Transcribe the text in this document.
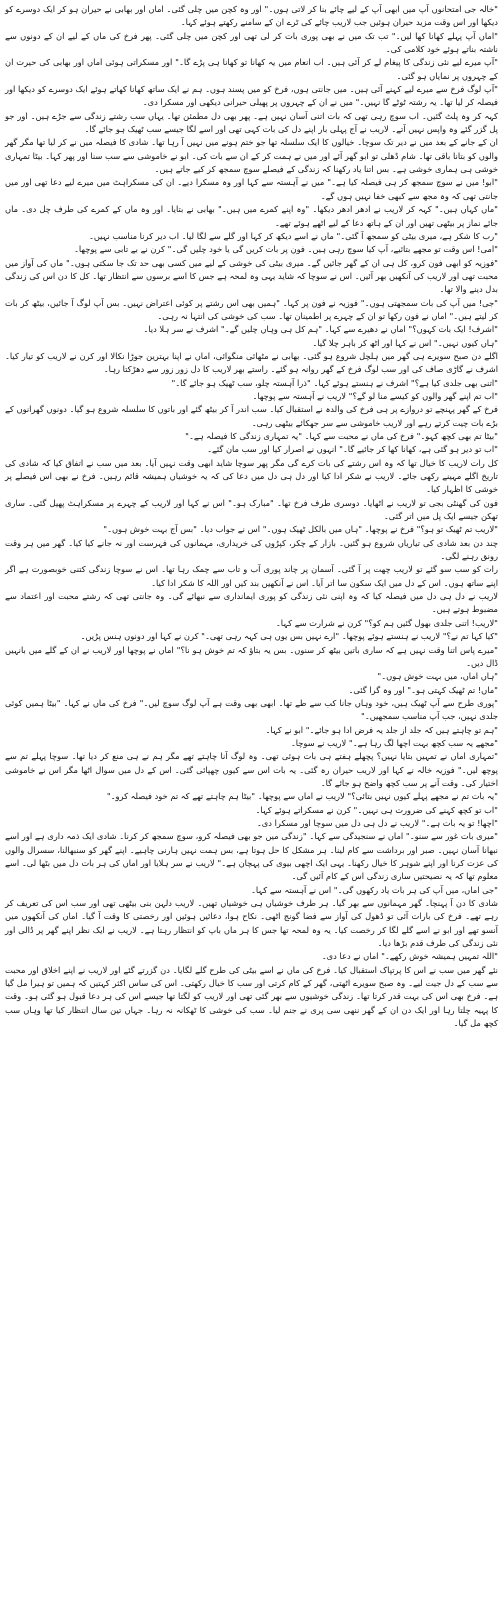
"خالہ جی امتحانوں آپ میں ابھی آپ کے لیے چائے بنا کر لاتی ہوں۔" اور وہ کچن میں چلی گئی۔ اماں اور بھابی نے حیران ہو کر ایک دوسرے کو دیکھا اور اس وقت مزید حیران ہوئیں جب لاریب چائے کی ٹرے ان کے سامنے رکھتے ہوئے کہا۔

"اماں آپ پہلے کھانا کھا لیں۔" تب تک میں نے بھی پوری بات کر لی تھی اور کچن میں چلی گئی۔ پھر فرخ کی ماں کے لیے ان کے دونوں سے ناشتہ بناتے ہوئے خود کلامی کی۔

"آپ میرے لیے نئی زندگی کا پیغام لے کر آئی ہیں۔ اب انعام میں یہ کھانا تو کھانا ہی پڑے گا۔" اور مسکراتی ہوئی اماں اور بھابی کی حیرت ان کے چہروں پر نمایاں ہو گئی۔

"آپ لوگ فرخ سے میرے لیے کہنے آئی ہیں۔ میں جانتی ہوں، فرخ کو میں پسند ہوں۔ ہم نے ایک ساتھ کھانا کھاتے ہوئے ایک دوسرے کو دیکھا اور فیصلہ کر لیا تھا۔ یہ رشتہ ٹوٹے گا نہیں۔" میں نے ان کے چہروں پر پھیلی حیرانی دیکھی اور مسکرا دی۔

کہہ کر وہ پلٹ گئیں۔ اب سوچ رہی تھی کہ بات اتنی آسان نہیں ہے۔ پھر بھی دل مطمئن تھا۔ یہاں سب رشتے زندگی سے جڑے ہیں۔ اور جو پل گزر گئے وہ واپس نہیں آتے۔ لاریب نے آج پہلی بار اپنے دل کی بات کہی تھی اور اسے لگا جیسے سب ٹھیک ہو جائے گا۔

ان کے جانے کے بعد میں نے دیر تک سوچا۔ خیالوں کا ایک سلسلہ تھا جو ختم ہونے میں نہیں آ رہا تھا۔ شادی کا فیصلہ میں نے کر لیا تھا مگر گھر والوں کو بتانا باقی تھا۔ شام ڈھلی تو ابو گھر آئے اور میں نے ہمت کر کے ان سے بات کی۔ ابو نے خاموشی سے سب سنا اور پھر کہا۔ بیٹا تمہاری خوشی ہی ہماری خوشی ہے۔ بس اتنا یاد رکھنا کہ زندگی کے فیصلے سوچ سمجھ کر کیے جاتے ہیں۔

"ابو! میں نے سوچ سمجھ کر ہی فیصلہ کیا ہے۔" میں نے آہستہ سے کہا اور وہ مسکرا دیے۔ ان کی مسکراہٹ میں میرے لیے دعا تھی اور میں جانتی تھی کہ وہ مجھ سے کبھی خفا نہیں ہوں گے۔

"ماں کہاں ہیں۔" کہہ کر لاریب نے ادھر ادھر دیکھا۔ "وہ اپنے کمرے میں ہیں۔" بھابی نے بتایا۔ اور وہ ماں کے کمرے کی طرف چل دی۔ ماں جائے نماز پر بیٹھی تھیں اور ان کے ہاتھ دعا کے لیے اٹھے ہوئے تھے۔

"رب کا شکر ہے، میری بیٹی کو سمجھ آ گئی۔" ماں نے اسے دیکھ کر کہا اور گلے سے لگا لیا۔ اب دیر کرنا مناسب نہیں۔

"امی! اس وقت تو مجھے بتائیے، آپ کیا سوچ رہی ہیں۔ فون پر بات کریں گی یا خود چلیں گی۔" کرن نے بے تابی سے پوچھا۔

"فوزیہ کو ابھی فون کرو، کل ہی ان کے گھر جائیں گے۔ میری بیٹی کی خوشی کے لیے میں کسی بھی حد تک جا سکتی ہوں۔" ماں کی آواز میں محبت تھی اور لاریب کی آنکھیں بھر آئیں۔ اس نے سوچا کہ شاید یہی وہ لمحہ ہے جس کا اسے برسوں سے انتظار تھا۔ کل کا دن اس کی زندگی بدل دینے والا تھا۔

"جی! میں آپ کی بات سمجھتی ہوں۔" فوزیہ نے فون پر کہا۔ "ہمیں بھی اس رشتے پر کوئی اعتراض نہیں۔ بس آپ لوگ آ جائیں، بیٹھ کر بات کر لیتے ہیں۔" اماں نے فون رکھا تو ان کے چہرے پر اطمینان تھا۔ سب کی خوشی کی انتہا نہ رہی۔

"اشرف! ایک بات کہوں؟" اماں نے دھیرے سے کہا۔ "ہم کل ہی وہاں چلیں گے۔" اشرف نے سر ہلا دیا۔

"ہاں کیوں نہیں۔" اس نے کہا اور اٹھ کر باہر چلا گیا۔

اگلے دن صبح سویرے ہی گھر میں ہلچل شروع ہو گئی۔ بھابی نے مٹھائی منگوائی، اماں نے اپنا بہترین جوڑا نکالا اور کرن نے لاریب کو تیار کیا۔ اشرف نے گاڑی صاف کی اور سب لوگ فرخ کے گھر روانہ ہو گئے۔ راستے بھر لاریب کا دل زور زور سے دھڑکتا رہا۔

"اتنی بھی جلدی کیا ہے؟" اشرف نے ہنستے ہوئے کہا۔ "ذرا آہستہ چلو، سب ٹھیک ہو جائے گا۔"

"اب تم اپنے گھر والوں کو کیسے منا لو گے؟" لاریب نے آہستہ سے پوچھا۔

فرخ کے گھر پہنچے تو دروازے پر ہی فرخ کی والدہ نے استقبال کیا۔ سب اندر آ کر بیٹھ گئے اور باتوں کا سلسلہ شروع ہو گیا۔ دونوں گھرانوں کے بڑے بات چیت کرتے رہے اور لاریب خاموشی سے سر جھکائے بیٹھی رہی۔

"بیٹا تم بھی کچھ کہو۔" فرخ کی ماں نے محبت سے کہا۔ "یہ تمہاری زندگی کا فیصلہ ہے۔"

"اب تو دیر ہو گئی ہے، کھانا کھا کر جائیے گا۔" انہوں نے اصرار کیا اور سب مان گئے۔

کل رات لاریب کا خیال تھا کہ وہ اس رشتے کی بات کرے گی مگر پھر سوچا شاید ابھی وقت نہیں آیا۔ بعد میں سب نے اتفاق کیا کہ شادی کی تاریخ اگلے مہینے رکھی جائے۔ لاریب نے شکر ادا کیا اور دل ہی دل میں دعا کی کہ یہ خوشیاں ہمیشہ قائم رہیں۔ فرخ نے بھی اس فیصلے پر خوشی کا اظہار کیا۔

فون کی گھنٹی بجی تو لاریب نے اٹھایا۔ دوسری طرف فرخ تھا۔ "مبارک ہو۔" اس نے کہا اور لاریب کے چہرے پر مسکراہٹ پھیل گئی۔ ساری تھکن جیسے ایک پل میں اتر گئی۔

"لاریب تم ٹھیک تو ہو؟" فرخ نے پوچھا۔ "ہاں میں بالکل ٹھیک ہوں۔" اس نے جواب دیا۔ "بس آج بہت خوش ہوں۔"

چند دن بعد شادی کی تیاریاں شروع ہو گئیں۔ بازار کے چکر، کپڑوں کی خریداری، مہمانوں کی فہرست اور نہ جانے کیا کیا۔ گھر میں ہر وقت رونق رہنے لگی۔

رات کو سب سو گئے تو لاریب چھت پر آ گئی۔ آسمان پر چاند پوری آب و تاب سے چمک رہا تھا۔ اس نے سوچا زندگی کتنی خوبصورت ہے اگر اپنے ساتھ ہوں۔ اس کے دل میں ایک سکون سا اتر آیا۔ اس نے آنکھیں بند کیں اور اللہ کا شکر ادا کیا۔

لاریب نے دل ہی دل میں فیصلہ کیا کہ وہ اپنی نئی زندگی کو پوری ایمانداری سے نبھائے گی۔ وہ جانتی تھی کہ رشتے محبت اور اعتماد سے مضبوط ہوتے ہیں۔

"لاریب! اتنی جلدی بھول گئیں ہم کو؟" کرن نے شرارت سے کہا۔

"کیا کہا تم نے؟" لاریب نے ہنستے ہوئے پوچھا۔ "ارے نہیں بس یوں ہی کہہ رہی تھی۔" کرن نے کہا اور دونوں ہنس پڑیں۔

"میرے پاس اتنا وقت نہیں ہے کہ ساری باتیں بیٹھ کر سنوں۔ بس یہ بتاؤ کہ تم خوش ہو نا؟" اماں نے پوچھا اور لاریب نے ان کے گلے میں بانہیں ڈال دیں۔

"ہاں اماں، میں بہت خوش ہوں۔"

"ماں! تم ٹھیک کہتی ہو۔" اور وہ گرا گئی۔

"پوری طرح سے آپ ٹھیک ہیں، خود وہاں جانا کب سے طے تھا۔ ابھی بھی وقت ہے آپ لوگ سوچ لیں۔" فرخ کی ماں نے کہا۔ "بیٹا ہمیں کوئی جلدی نہیں، جب آپ مناسب سمجھیں۔"

"ہم تو چاہتے ہیں کہ جلد از جلد یہ فرض ادا ہو جائے۔" ابو نے کہا۔

"مجھے یہ سب کچھ بہت اچھا لگ رہا ہے۔" لاریب نے سوچا۔

"تمہاری اماں نے تمہیں بتایا نہیں؟ پچھلے ہفتے ہی بات ہوئی تھی۔ وہ لوگ آنا چاہتے تھے مگر ہم نے ہی منع کر دیا تھا۔ سوچا پہلے تم سے پوچھ لیں۔" فوزیہ خالہ نے کہا اور لاریب حیران رہ گئی۔ یہ بات اس سے کیوں چھپائی گئی۔ اس کے دل میں سوال اٹھا مگر اس نے خاموشی اختیار کی۔ وقت آنے پر سب کچھ واضح ہو جائے گا۔

"یہ بات تم نے مجھے پہلے کیوں نہیں بتائی؟" لاریب نے اماں سے پوچھا۔ "بیٹا ہم چاہتے تھے کہ تم خود فیصلہ کرو۔"

"اب تو کچھ کہنے کی ضرورت ہی نہیں۔" کرن نے مسکراتے ہوئے کہا۔

"اچھا! تو یہ بات ہے۔" لاریب نے دل ہی دل میں سوچا اور مسکرا دی۔

"میری بات غور سے سنو۔" اماں نے سنجیدگی سے کہا۔ "زندگی میں جو بھی فیصلہ کرو، سوچ سمجھ کر کرنا۔ شادی ایک ذمہ داری ہے اور اسے نبھانا آسان نہیں۔ صبر اور برداشت سے کام لینا۔ ہر مشکل کا حل ہوتا ہے، بس ہمت نہیں ہارنی چاہیے۔ اپنے گھر کو سنبھالنا، سسرال والوں کی عزت کرنا اور اپنے شوہر کا خیال رکھنا۔ یہی ایک اچھی بیوی کی پہچان ہے۔" لاریب نے سر ہلایا اور اماں کی ہر بات دل میں بٹھا لی۔ اسے معلوم تھا کہ یہ نصیحتیں ساری زندگی اس کے کام آئیں گی۔

"جی اماں، میں آپ کی ہر بات یاد رکھوں گی۔" اس نے آہستہ سے کہا۔

شادی کا دن آ پہنچا۔ گھر مہمانوں سے بھر گیا۔ ہر طرف خوشیاں ہی خوشیاں تھیں۔ لاریب دلہن بنی بیٹھی تھی اور سب اس کی تعریف کر رہے تھے۔ فرخ کی بارات آئی تو ڈھول کی آواز سے فضا گونج اٹھی۔ نکاح ہوا، دعائیں ہوئیں اور رخصتی کا وقت آ گیا۔ اماں کی آنکھوں میں آنسو تھے اور ابو نے اسے گلے لگا کر رخصت کیا۔ یہ وہ لمحہ تھا جس کا ہر ماں باپ کو انتظار رہتا ہے۔ لاریب نے ایک نظر اپنے گھر پر ڈالی اور نئی زندگی کی طرف قدم بڑھا دیا۔

"اللہ تمہیں ہمیشہ خوش رکھے۔" اماں نے دعا دی۔

نئے گھر میں سب نے اس کا پرتپاک استقبال کیا۔ فرخ کی ماں نے اسے بیٹی کی طرح گلے لگایا۔ دن گزرتے گئے اور لاریب نے اپنے اخلاق اور محبت سے سب کے دل جیت لیے۔ وہ صبح سویرے اٹھتی، گھر کے کام کرتی اور سب کا خیال رکھتی۔ اس کی ساس اکثر کہتیں کہ ہمیں تو ہیرا مل گیا ہے۔ فرخ بھی اس کی بہت قدر کرتا تھا۔ زندگی خوشیوں سے بھر گئی تھی اور لاریب کو لگتا تھا جیسے اس کی ہر دعا قبول ہو گئی ہو۔ وقت کا پہیہ چلتا رہا اور ایک دن ان کے گھر ننھی سی پری نے جنم لیا۔ سب کی خوشی کا ٹھکانہ نہ رہا۔ جہاں تین سال انتظار کیا تھا وہاں سب کچھ مل گیا۔
